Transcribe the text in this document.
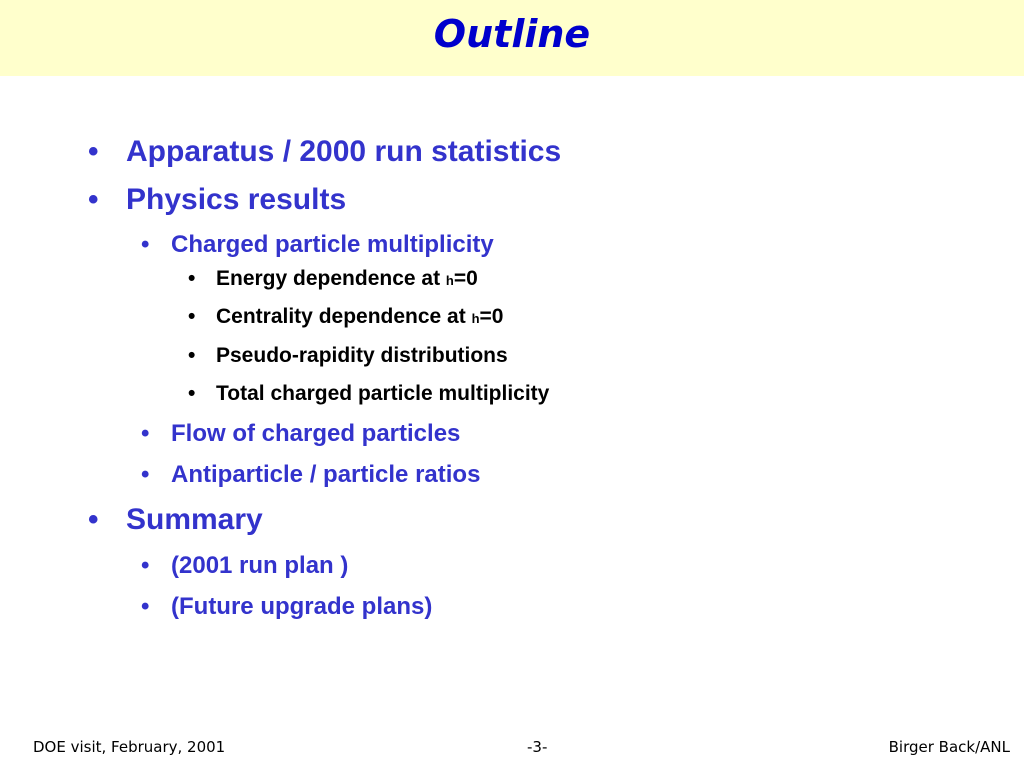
Outline
• Apparatus / 2000 run statistics
• Physics results
• Charged particle multiplicity
• Energy dependence at h=0
• Centrality dependence at h=0
• Pseudo-rapidity distributions
• Total charged particle multiplicity
• Flow of charged particles
• Antiparticle / particle ratios
• Summary
• (2001 run plan )
• (Future upgrade plans)

DOE visit, February, 2001	-3-	Birger Back/ANL
